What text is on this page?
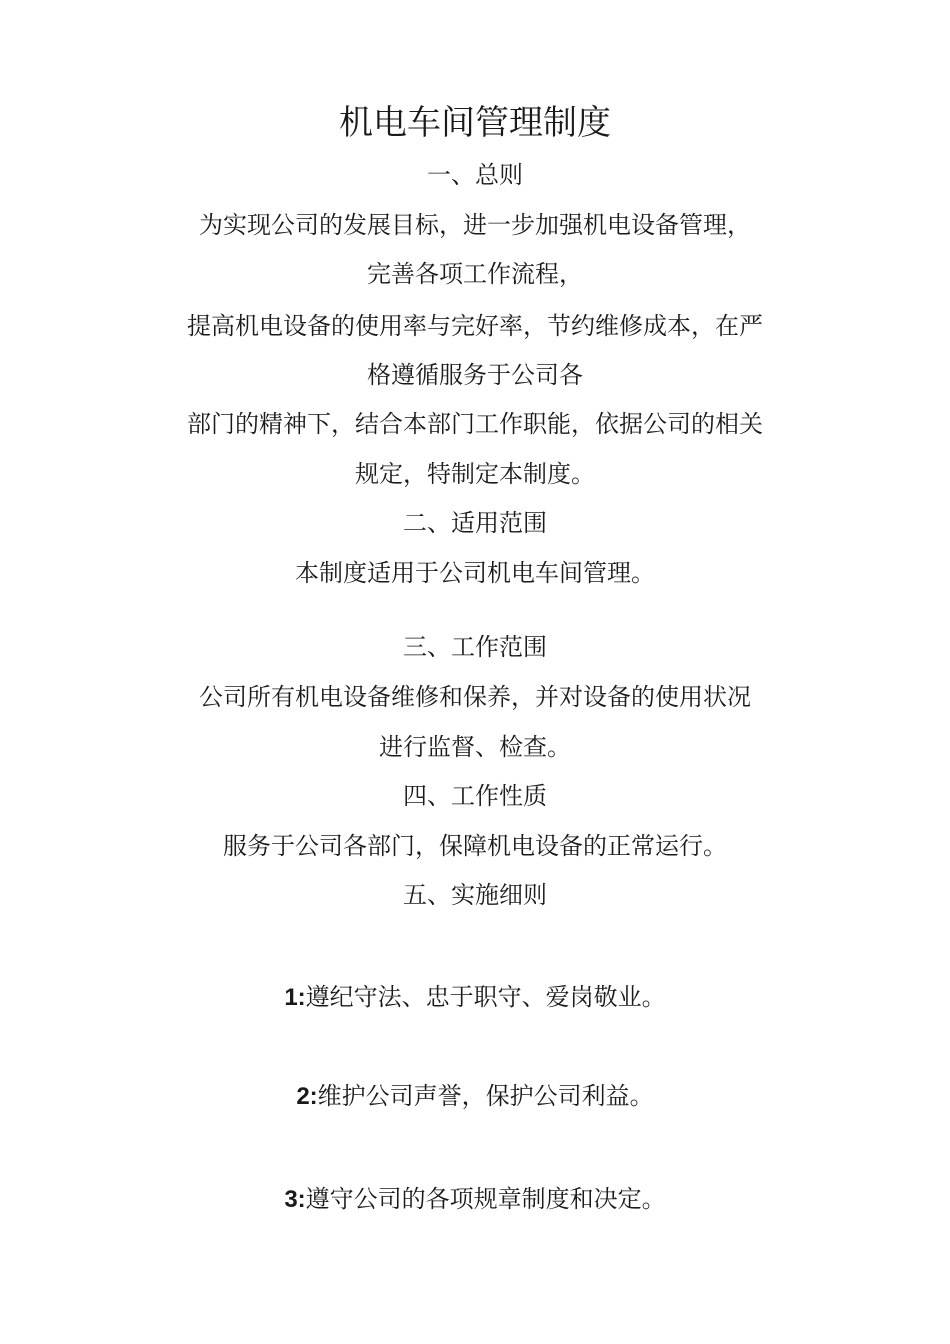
机电车间管理制度
一、总则
为实现公司的发展目标，进一步加强机电设备管理，
完善各项工作流程，
提高机电设备的使用率与完好率，节约维修成本，在严
格遵循服务于公司各
部门的精神下，结合本部门工作职能，依据公司的相关
规定，特制定本制度。
二、适用范围
本制度适用于公司机电车间管理。
三、工作范围
公司所有机电设备维修和保养，并对设备的使用状况
进行监督、检查。
四、工作性质
服务于公司各部门，保障机电设备的正常运行。
五、实施细则
1:遵纪守法、忠于职守、爱岗敬业。
2:维护公司声誉，保护公司利益。
3:遵守公司的各项规章制度和决定。
